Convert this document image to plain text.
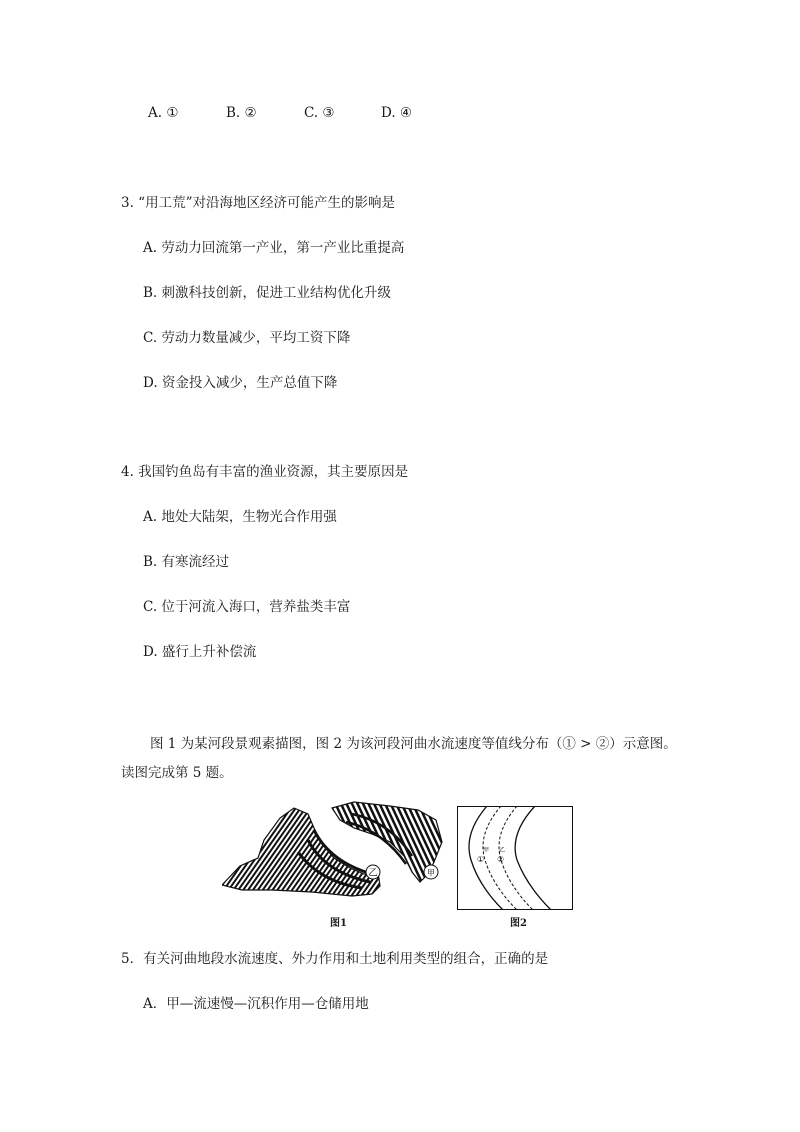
A. ①	B. ②	C. ③	D. ④
3. “用工荒”对沿海地区经济可能产生的影响是
A. 劳动力回流第一产业，第一产业比重提高
B. 刺激科技创新，促进工业结构优化升级
C. 劳动力数量减少，平均工资下降
D. 资金投入减少，生产总值下降
4. 我国钓鱼岛有丰富的渔业资源，其主要原因是
A. 地处大陆架，生物光合作用强
B. 有寒流经过
C. 位于河流入海口，营养盐类丰富
D. 盛行上升补偿流
图 1 为某河段景观素描图，图 2 为该河段河曲水流速度等值线分布（① > ②）示意图。
读图完成第 5 题。
乙	甲
图1
甲 乙
① ②
图2
5．有关河曲地段水流速度、外力作用和土地利用类型的组合，正确的是
A．甲—流速慢—沉积作用—仓储用地
